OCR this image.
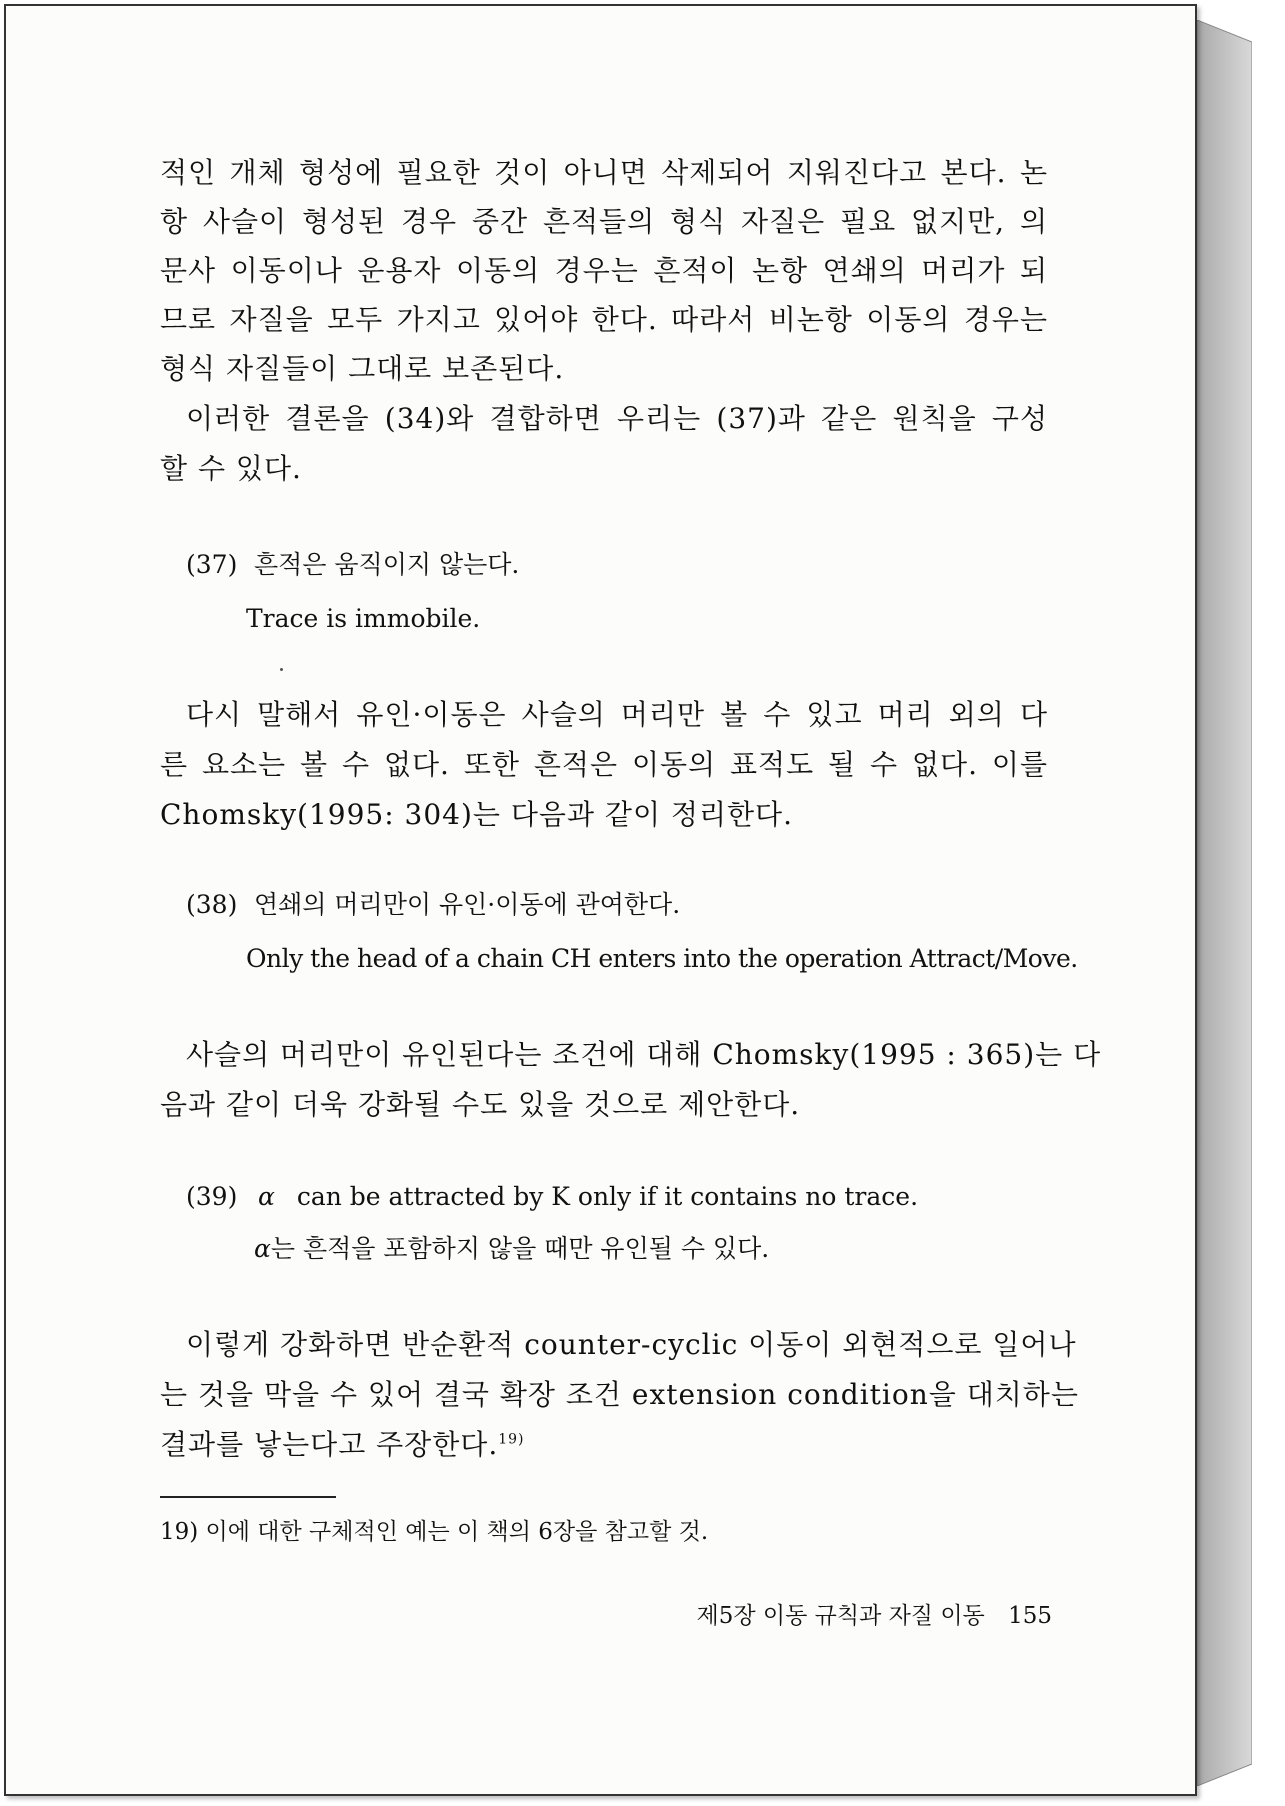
적인 개체 형성에 필요한 것이 아니면 삭제되어 지워진다고 본다. 논
항 사슬이 형성된 경우 중간 흔적들의 형식 자질은 필요 없지만, 의
문사 이동이나 운용자 이동의 경우는 흔적이 논항 연쇄의 머리가 되
므로 자질을 모두 가지고 있어야 한다. 따라서 비논항 이동의 경우는
형식 자질들이 그대로 보존된다.
이러한 결론을 (34)와 결합하면 우리는 (37)과 같은 원칙을 구성
할 수 있다.
(37) 흔적은 움직이지 않는다.
Trace is immobile.
다시 말해서 유인·이동은 사슬의 머리만 볼 수 있고 머리 외의 다
른 요소는 볼 수 없다. 또한 흔적은 이동의 표적도 될 수 없다. 이를
Chomsky(1995: 304)는 다음과 같이 정리한다.
(38) 연쇄의 머리만이 유인·이동에 관여한다.
Only the head of a chain CH enters into the operation Attract/Move.
사슬의 머리만이 유인된다는 조건에 대해 Chomsky(1995 : 365)는 다
음과 같이 더욱 강화될 수도 있을 것으로 제안한다.
(39) α can be attracted by K only if it contains no trace.
α는 흔적을 포함하지 않을 때만 유인될 수 있다.
이렇게 강화하면 반순환적 counter-cyclic 이동이 외현적으로 일어나
는 것을 막을 수 있어 결국 확장 조건 extension condition을 대치하는
결과를 낳는다고 주장한다.$^{19)}$
19) 이에 대한 구체적인 예는 이 책의 6장을 참고할 것.
제5장 이동 규칙과 자질 이동 155
